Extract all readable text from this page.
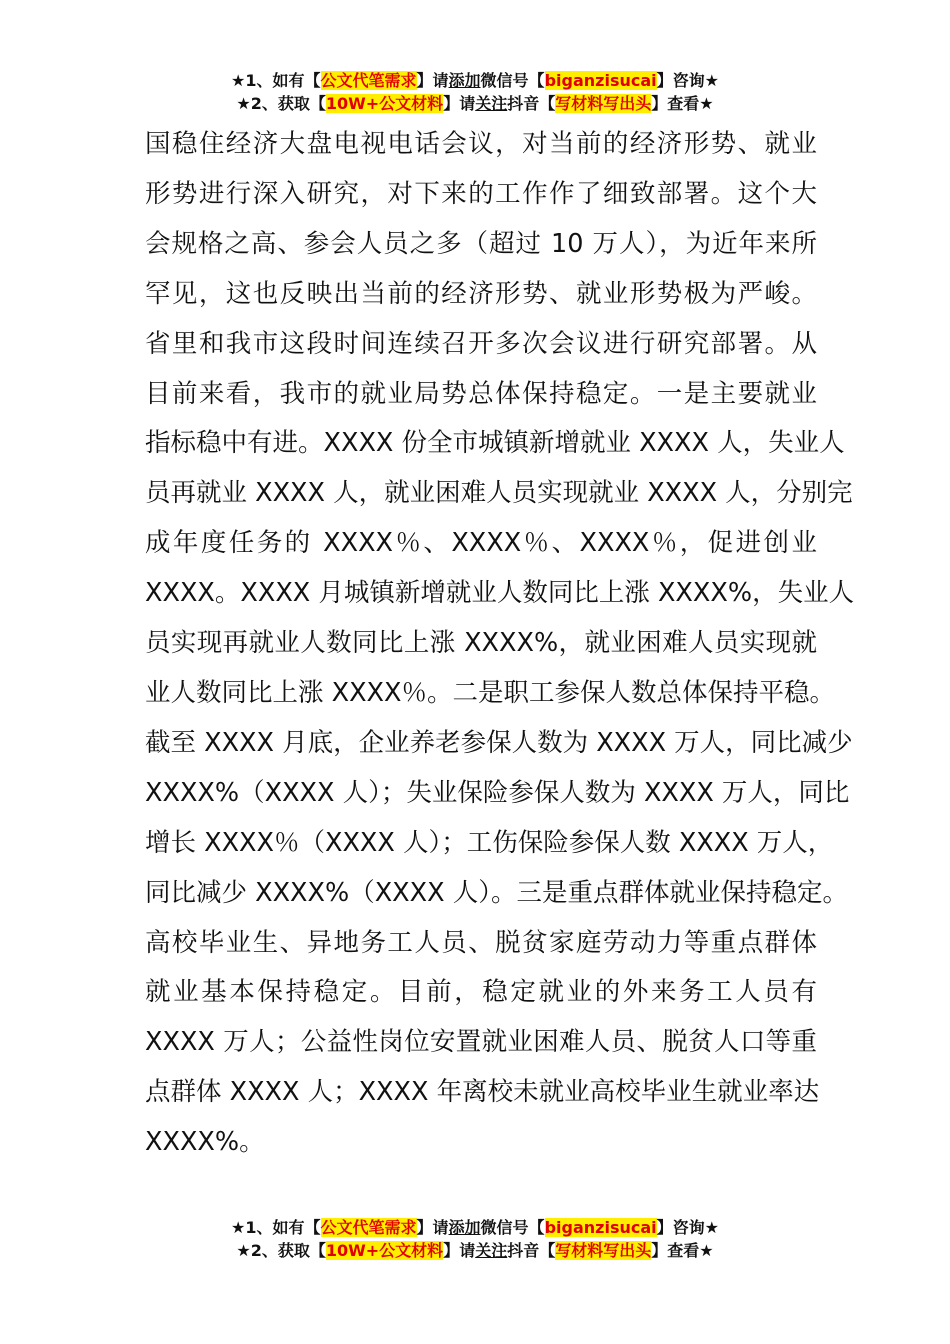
★1、如有【公文代笔需求】请添加微信号【biganzisucai】咨询★
★2、获取【10W+公文材料】请关注抖音【写材料写出头】查看★
国稳住经济大盘电视电话会议，对当前的经济形势、就业
形势进行深入研究，对下来的工作作了细致部署。这个大
会规格之高、参会人员之多（超过 10 万人），为近年来所
罕见，这也反映出当前的经济形势、就业形势极为严峻。
省里和我市这段时间连续召开多次会议进行研究部署。从
目前来看，我市的就业局势总体保持稳定。一是主要就业
指标稳中有进。XXXX 份全市城镇新增就业 XXXX 人，失业人
员再就业 XXXX 人，就业困难人员实现就业 XXXX 人，分别完
成年度任务的 XXXX％、XXXX％、XXXX％，促进创业
XXXX。XXXX 月城镇新增就业人数同比上涨 XXXX%，失业人
员实现再就业人数同比上涨 XXXX%，就业困难人员实现就
业人数同比上涨 XXXX％。二是职工参保人数总体保持平稳。
截至 XXXX 月底，企业养老参保人数为 XXXX 万人，同比减少
XXXX%（XXXX 人）；失业保险参保人数为 XXXX 万人，同比
增长 XXXX％（XXXX 人）；工伤保险参保人数 XXXX 万人，
同比减少 XXXX%（XXXX 人）。三是重点群体就业保持稳定。
高校毕业生、异地务工人员、脱贫家庭劳动力等重点群体
就业基本保持稳定。目前，稳定就业的外来务工人员有
XXXX 万人；公益性岗位安置就业困难人员、脱贫人口等重
点群体 XXXX 人；XXXX 年离校未就业高校毕业生就业率达
XXXX%。
★1、如有【公文代笔需求】请添加微信号【biganzisucai】咨询★
★2、获取【10W+公文材料】请关注抖音【写材料写出头】查看★
